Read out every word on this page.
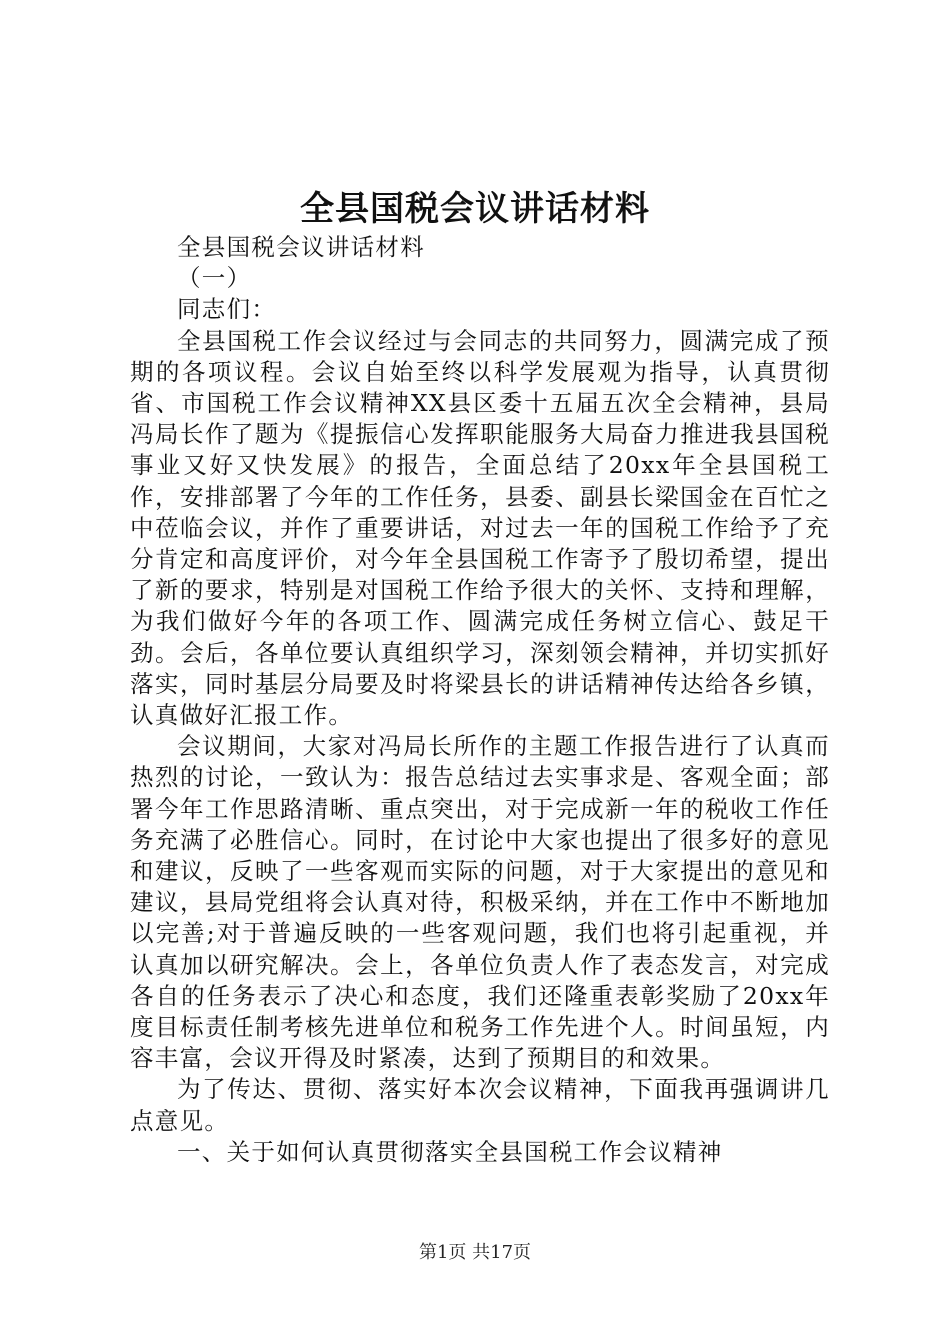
全县国税会议讲话材料

全县国税会议讲话材料

（一）

同志们：

全县国税工作会议经过与会同志的共同努力，圆满完成了预期的各项议程。会议自始至终以科学发展观为指导，认真贯彻省、市国税工作会议精神XX县区委十五届五次全会精神，县局冯局长作了题为《提振信心发挥职能服务大局奋力推进我县国税事业又好又快发展》的报告，全面总结了20xx年全县国税工作，安排部署了今年的工作任务，县委、副县长梁国金在百忙之中莅临会议，并作了重要讲话，对过去一年的国税工作给予了充分肯定和高度评价，对今年全县国税工作寄予了殷切希望，提出了新的要求，特别是对国税工作给予很大的关怀、支持和理解，为我们做好今年的各项工作、圆满完成任务树立信心、鼓足干劲。会后，各单位要认真组织学习，深刻领会精神，并切实抓好落实，同时基层分局要及时将梁县长的讲话精神传达给各乡镇，认真做好汇报工作。

会议期间，大家对冯局长所作的主题工作报告进行了认真而热烈的讨论，一致认为：报告总结过去实事求是、客观全面；部署今年工作思路清晰、重点突出，对于完成新一年的税收工作任务充满了必胜信心。同时，在讨论中大家也提出了很多好的意见和建议，反映了一些客观而实际的问题，对于大家提出的意见和建议，县局党组将会认真对待，积极采纳，并在工作中不断地加以完善;对于普遍反映的一些客观问题，我们也将引起重视，并认真加以研究解决。会上，各单位负责人作了表态发言，对完成各自的任务表示了决心和态度，我们还隆重表彰奖励了20xx年度目标责任制考核先进单位和税务工作先进个人。时间虽短，内容丰富，会议开得及时紧凑，达到了预期目的和效果。

为了传达、贯彻、落实好本次会议精神，下面我再强调讲几点意见。

一、关于如何认真贯彻落实全县国税工作会议精神

第1页 共17页
